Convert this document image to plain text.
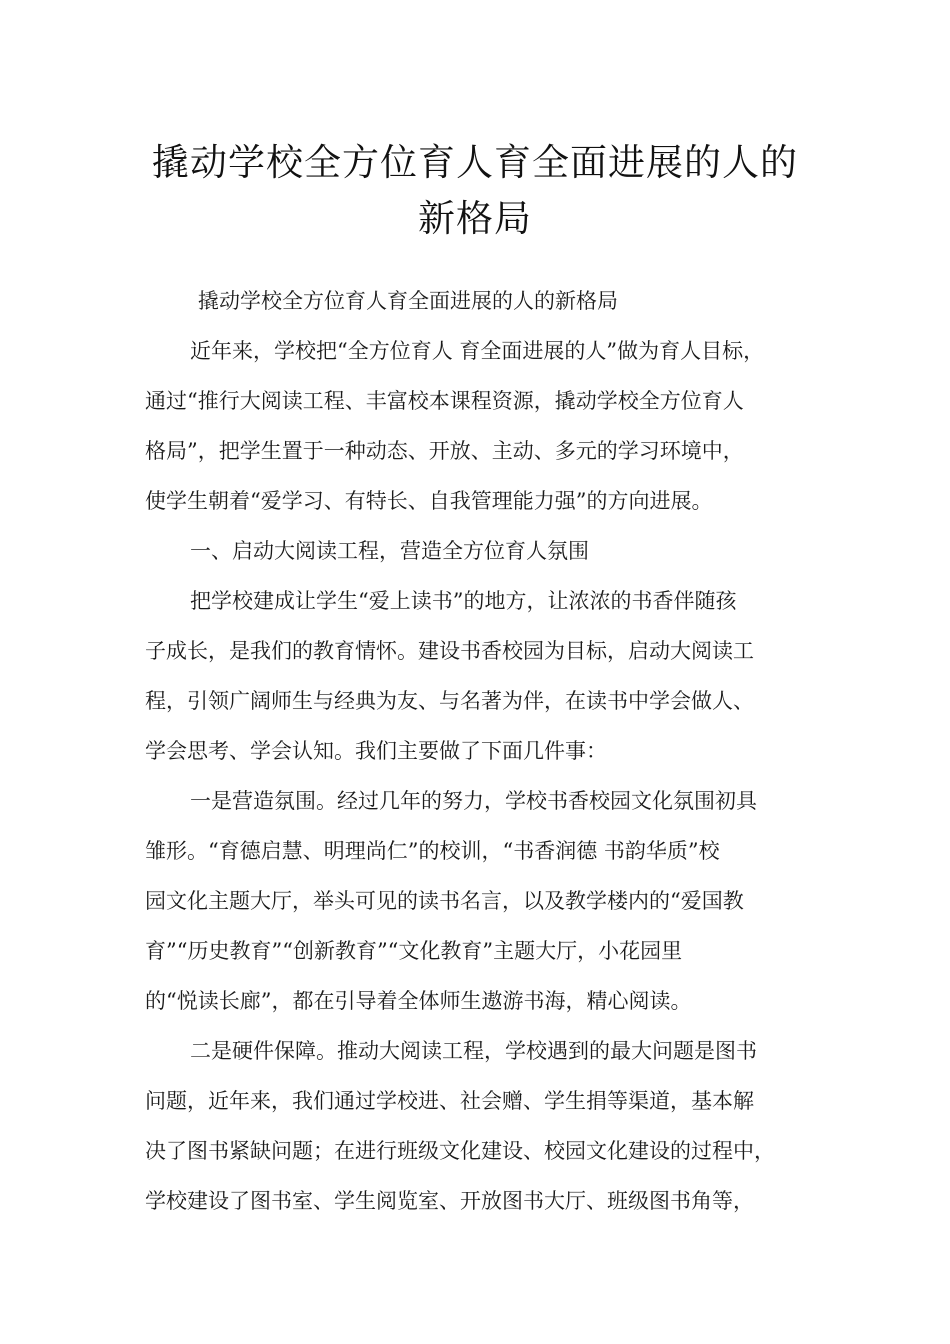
撬动学校全方位育人育全面进展的人的
新格局
撬动学校全方位育人育全面进展的人的新格局
近年来，学校把“全方位育人 育全面进展的人”做为育人目标，
通过“推行大阅读工程、丰富校本课程资源，撬动学校全方位育人
格局”，把学生置于一种动态、开放、主动、多元的学习环境中，
使学生朝着“爱学习、有特长、自我管理能力强”的方向进展。
一、启动大阅读工程，营造全方位育人氛围
把学校建成让学生“爱上读书”的地方，让浓浓的书香伴随孩
子成长，是我们的教育情怀。建设书香校园为目标，启动大阅读工
程，引领广阔师生与经典为友、与名著为伴，在读书中学会做人、
学会思考、学会认知。我们主要做了下面几件事：
一是营造氛围。经过几年的努力，学校书香校园文化氛围初具
雏形。“育德启慧、明理尚仁”的校训，“书香润德 书韵华质”校
园文化主题大厅，举头可见的读书名言，以及教学楼内的“爱国教
育”“历史教育”“创新教育”“文化教育”主题大厅，小花园里
的“悦读长廊”，都在引导着全体师生遨游书海，精心阅读。
二是硬件保障。推动大阅读工程，学校遇到的最大问题是图书
问题，近年来，我们通过学校进、社会赠、学生捐等渠道，基本解
决了图书紧缺问题；在进行班级文化建设、校园文化建设的过程中，
学校建设了图书室、学生阅览室、开放图书大厅、班级图书角等，
